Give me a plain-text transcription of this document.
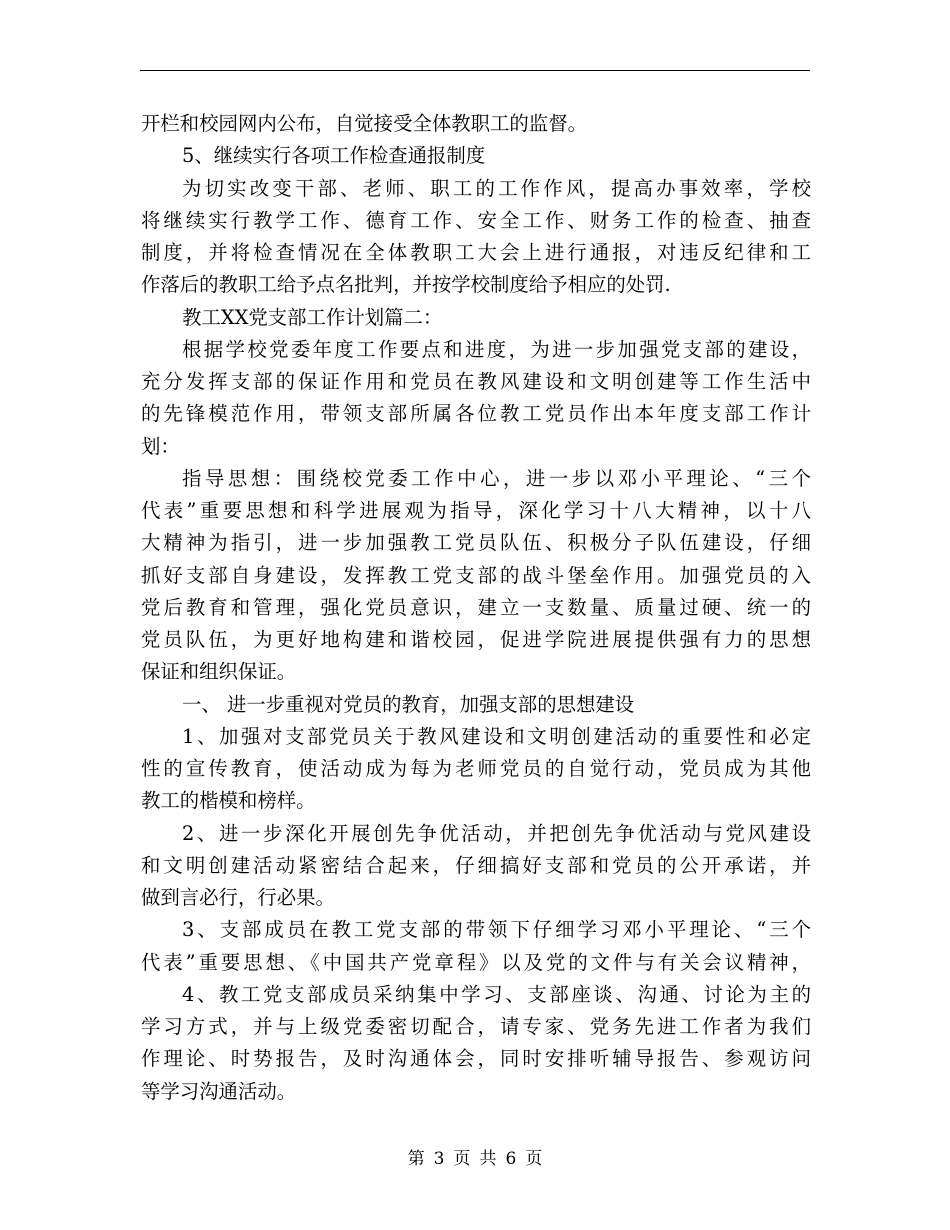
开栏和校园网内公布，自觉接受全体教职工的监督。
5、继续实行各项工作检查通报制度
为切实改变干部、老师、职工的工作作风，提高办事效率，学校
将继续实行教学工作、德育工作、安全工作、财务工作的检查、抽查
制度，并将检查情况在全体教职工大会上进行通报，对违反纪律和工
作落后的教职工给予点名批判，并按学校制度给予相应的处罚.
教工XX党支部工作计划篇二：
根据学校党委年度工作要点和进度，为进一步加强党支部的建设，
充分发挥支部的保证作用和党员在教风建设和文明创建等工作生活中
的先锋模范作用，带领支部所属各位教工党员作出本年度支部工作计
划：
指导思想：围绕校党委工作中心，进一步以邓小平理论、“三个
代表”重要思想和科学进展观为指导，深化学习十八大精神，以十八
大精神为指引，进一步加强教工党员队伍、积极分子队伍建设，仔细
抓好支部自身建设，发挥教工党支部的战斗堡垒作用。加强党员的入
党后教育和管理，强化党员意识，建立一支数量、质量过硬、统一的
党员队伍，为更好地构建和谐校园，促进学院进展提供强有力的思想
保证和组织保证。
一、 进一步重视对党员的教育，加强支部的思想建设
1、加强对支部党员关于教风建设和文明创建活动的重要性和必定
性的宣传教育，使活动成为每为老师党员的自觉行动，党员成为其他
教工的楷模和榜样。
2、进一步深化开展创先争优活动，并把创先争优活动与党风建设
和文明创建活动紧密结合起来，仔细搞好支部和党员的公开承诺，并
做到言必行，行必果。
3、支部成员在教工党支部的带领下仔细学习邓小平理论、“三个
代表”重要思想、《中国共产党章程》以及党的文件与有关会议精神，
4、教工党支部成员采纳集中学习、支部座谈、沟通、讨论为主的
学习方式，并与上级党委密切配合，请专家、党务先进工作者为我们
作理论、时势报告，及时沟通体会，同时安排听辅导报告、参观访问
等学习沟通活动。
第 3 页 共 6 页
